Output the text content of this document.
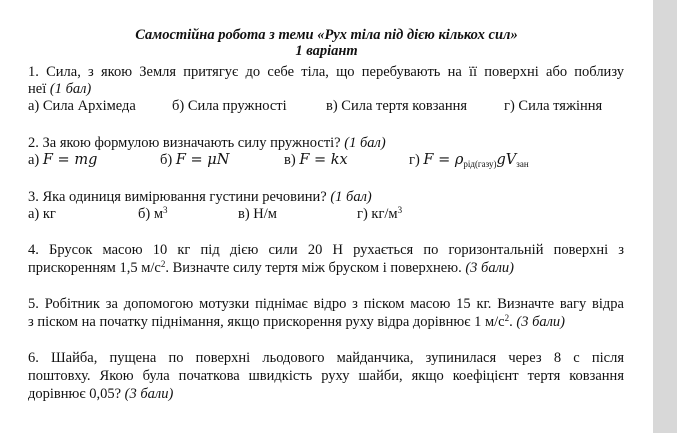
Самостійна робота з теми «Рух тіла під дією кількох сил»
1 варіант
1. Сила, з якою Земля притягує до себе тіла, що перебувають на її поверхні або поблизу
неї (1 бал)
а) Сила Архімеда б) Сила пружності	в) Сила тертя ковзання	г) Сила тяжіння
2. За якою формулою визначають силу пружності? (1 бал)
а) F = mg	б) F = μN	в) F = kx	г) $F = \rho_{рід(газу)}gV_{зан}$
3. Яка одиниця вимірювання густини речовини? (1 бал)
а) кг	б) $м^3$	в) Н/м	г) $кг/м^3$
4. Брусок масою 10 кг під дією сили 20 Н рухається по горизонтальній поверхні з
прискоренням 1,5 $м/с^2$. Визначте силу тертя між бруском і поверхнею. (3 бали)
5. Робітник за допомогою мотузки піднімає відро з піском масою 15 кг. Визначте вагу відра
з піском на початку піднімання, якщо прискорення руху відра дорівнює 1 $м/с^2$. (3 бали)
6. Шайба, пущена по поверхні льодового майданчика, зупинилася через 8 с після
поштовху. Якою була початкова швидкість руху шайби, якщо коефіцієнт тертя ковзання
дорівнює 0,05? (3 бали)
